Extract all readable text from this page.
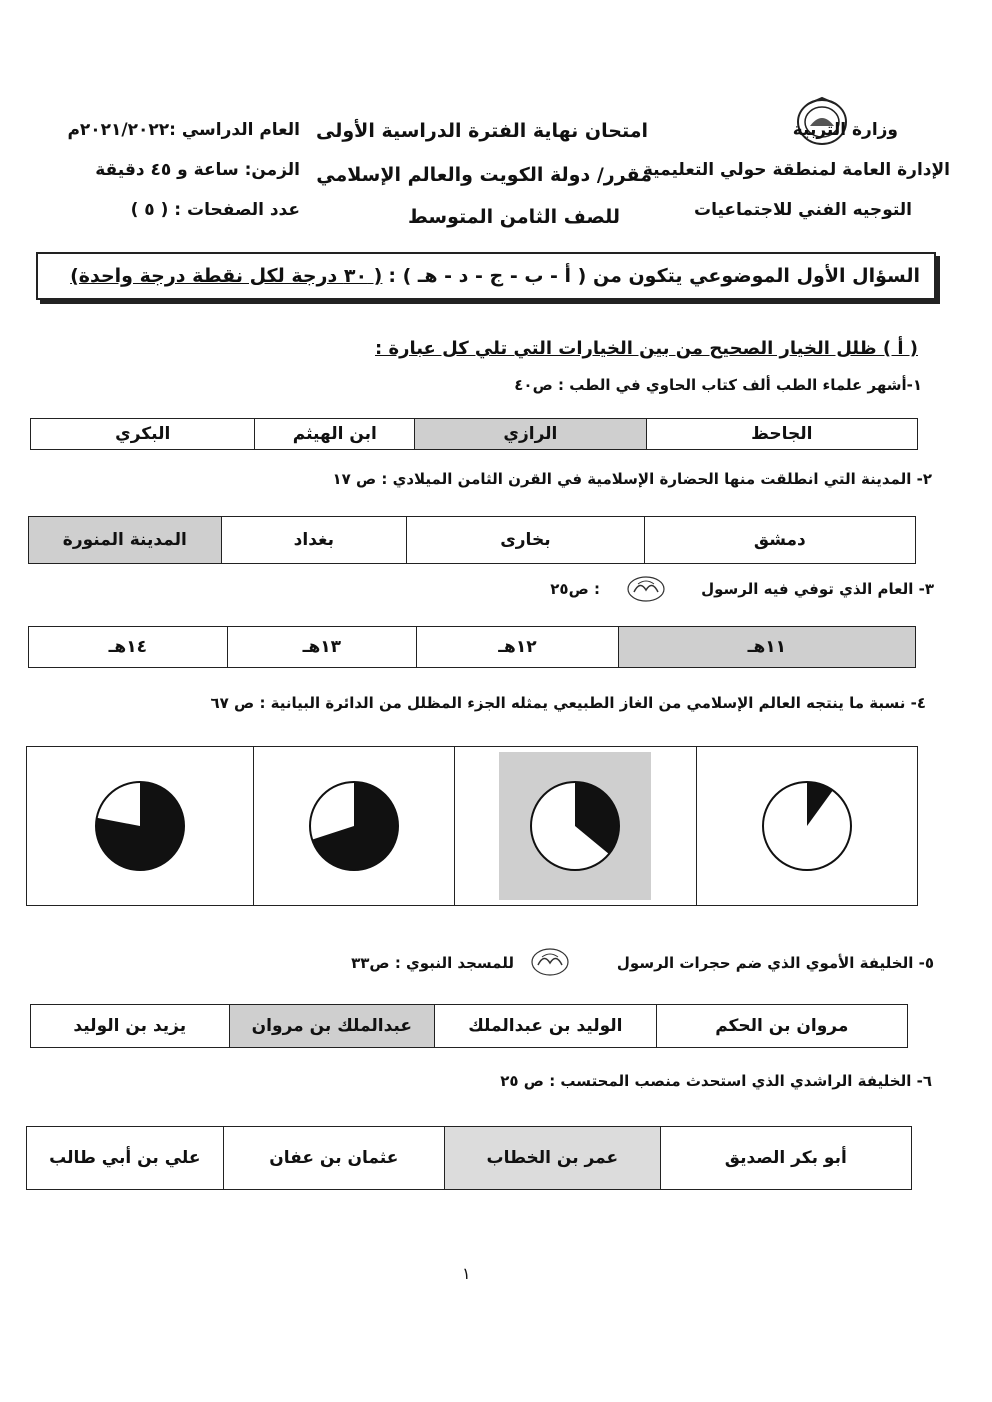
وزارة التربية
الإدارة العامة لمنطقة حولي التعليمية
التوجيه الفني للاجتماعيات
امتحان نهاية الفترة الدراسية الأولى
مقرر/ دولة الكويت والعالم الإسلامي
للصف الثامن المتوسط
العام الدراسي :٢٠٢١/٢٠٢٢م
الزمن: ساعة و ٤٥ دقيقة
عدد الصفحات : ( ٥ )
السؤال الأول الموضوعي يتكون من ( أ - ب - ج - د - هـ ) :
( ٣٠ درجة لكل نقطة درجة واحدة)
( أ ) ظلل الخيار الصحيح من بين الخيارات التي تلي كل عبارة :
١-أشهر علماء الطب ألف كتاب الحاوي في الطب : ص٤٠
الجاحظ
الرازي
ابن الهيثم
البكري
٢- المدينة التي انطلقت منها الحضارة الإسلامية في القرن الثامن الميلادي : ص ١٧
دمشق
بخارى
بغداد
المدينة المنورة
٣- العام الذي توفي فيه الرسول
: ص٢٥
١١هـ
١٢هـ
١٣هـ
١٤هـ
٤- نسبة ما ينتجه العالم الإسلامي من الغاز الطبيعي يمثله الجزء المظلل من الدائرة البيانية : ص ٦٧
٥- الخليفة الأموي الذي ضم حجرات الرسول
للمسجد النبوي : ص٣٣
مروان بن الحكم
الوليد بن عبدالملك
عبدالملك بن مروان
يزيد بن الوليد
٦- الخليفة الراشدي الذي استحدث منصب المحتسب : ص ٢٥
أبو بكر الصديق
عمر بن الخطاب
عثمان بن عفان
علي بن أبي طالب
١
